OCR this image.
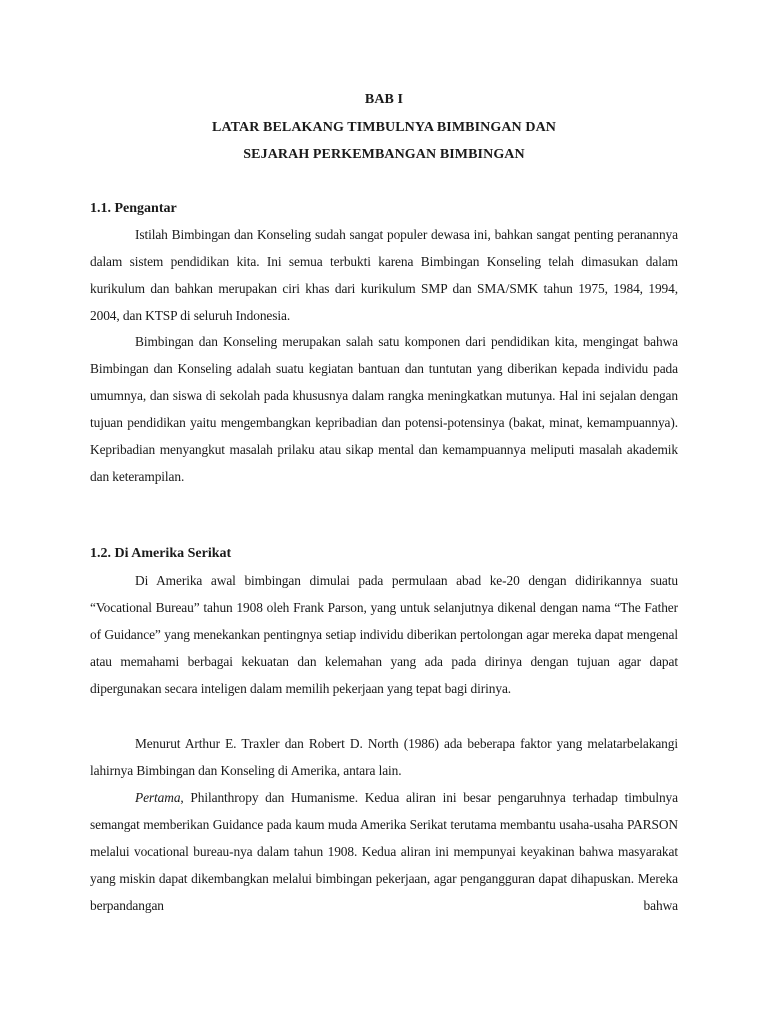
BAB I
LATAR BELAKANG TIMBULNYA BIMBINGAN DAN
SEJARAH PERKEMBANGAN BIMBINGAN
1.1. Pengantar

Istilah Bimbingan dan Konseling sudah sangat populer dewasa ini, bahkan sangat penting peranannya dalam sistem pendidikan kita. Ini semua terbukti karena Bimbingan Konseling telah dimasukan dalam kurikulum dan bahkan merupakan ciri khas dari kurikulum SMP dan SMA/SMK tahun 1975, 1984, 1994, 2004, dan KTSP di seluruh Indonesia.

Bimbingan dan Konseling merupakan salah satu komponen dari pendidikan kita, mengingat bahwa Bimbingan dan Konseling adalah suatu kegiatan bantuan dan tuntutan yang diberikan kepada individu pada umumnya, dan siswa di sekolah pada khususnya dalam rangka meningkatkan mutunya. Hal ini sejalan dengan tujuan pendidikan yaitu mengembangkan kepribadian dan potensi-potensinya (bakat, minat, kemampuannya). Kepribadian menyangkut masalah prilaku atau sikap mental dan kemampuannya meliputi masalah akademik dan keterampilan.

1.2. Di Amerika Serikat

Di Amerika awal bimbingan dimulai pada permulaan abad ke-20 dengan didirikannya suatu “Vocational Bureau” tahun 1908 oleh Frank Parson, yang untuk selanjutnya dikenal dengan nama “The Father of Guidance” yang menekankan pentingnya setiap individu diberikan pertolongan agar mereka dapat mengenal atau memahami berbagai kekuatan dan kelemahan yang ada pada dirinya dengan tujuan agar dapat dipergunakan secara inteligen dalam memilih pekerjaan yang tepat bagi dirinya.

Menurut Arthur E. Traxler dan Robert D. North (1986) ada beberapa faktor yang melatarbelakangi lahirnya Bimbingan dan Konseling di Amerika, antara lain.

Pertama, Philanthropy dan Humanisme. Kedua aliran ini besar pengaruhnya terhadap timbulnya semangat memberikan Guidance pada kaum muda Amerika Serikat terutama membantu usaha-usaha PARSON melalui vocational bureau-nya dalam tahun 1908. Kedua aliran ini mempunyai keyakinan bahwa masyarakat yang miskin dapat dikembangkan melalui bimbingan pekerjaan, agar pengangguran dapat dihapuskan. Mereka berpandangan bahwa
